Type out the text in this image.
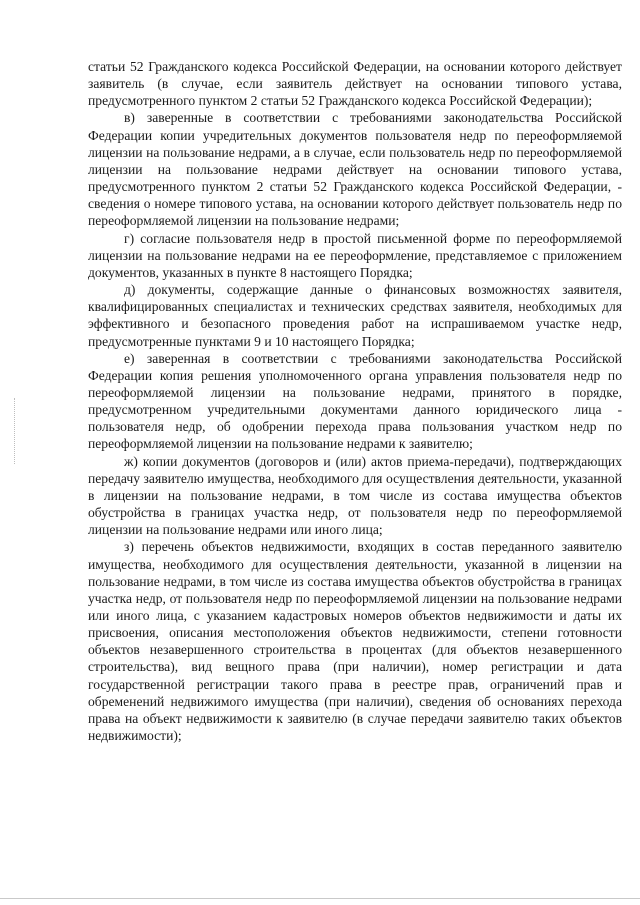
статьи 52 Гражданского кодекса Российской Федерации, на основании которого действует заявитель (в случае, если заявитель действует на основании типового устава, предусмотренного пунктом 2 статьи 52 Гражданского кодекса Российской Федерации);

в) заверенные в соответствии с требованиями законодательства Российской Федерации копии учредительных документов пользователя недр по переоформляемой лицензии на пользование недрами, а в случае, если пользователь недр по переоформляемой лицензии на пользование недрами действует на основании типового устава, предусмотренного пунктом 2 статьи 52 Гражданского кодекса Российской Федерации, - сведения о номере типового устава, на основании которого действует пользователь недр по переоформляемой лицензии на пользование недрами;

г) согласие пользователя недр в простой письменной форме по переоформляемой лицензии на пользование недрами на ее переоформление, представляемое с приложением документов, указанных в пункте 8 настоящего Порядка;

д) документы, содержащие данные о финансовых возможностях заявителя, квалифицированных специалистах и технических средствах заявителя, необходимых для эффективного и безопасного проведения работ на испрашиваемом участке недр, предусмотренные пунктами 9 и 10 настоящего Порядка;

е) заверенная в соответствии с требованиями законодательства Российской Федерации копия решения уполномоченного органа управления пользователя недр по переоформляемой лицензии на пользование недрами, принятого в порядке, предусмотренном учредительными документами данного юридического лица - пользователя недр, об одобрении перехода права пользования участком недр по переоформляемой лицензии на пользование недрами к заявителю;

ж) копии документов (договоров и (или) актов приема-передачи), подтверждающих передачу заявителю имущества, необходимого для осуществления деятельности, указанной в лицензии на пользование недрами, в том числе из состава имущества объектов обустройства в границах участка недр, от пользователя недр по переоформляемой лицензии на пользование недрами или иного лица;

з) перечень объектов недвижимости, входящих в состав переданного заявителю имущества, необходимого для осуществления деятельности, указанной в лицензии на пользование недрами, в том числе из состава имущества объектов обустройства в границах участка недр, от пользователя недр по переоформляемой лицензии на пользование недрами или иного лица, с указанием кадастровых номеров объектов недвижимости и даты их присвоения, описания местоположения объектов недвижимости, степени готовности объектов незавершенного строительства в процентах (для объектов незавершенного строительства), вид вещного права (при наличии), номер регистрации и дата государственной регистрации такого права в реестре прав, ограничений прав и обременений недвижимого имущества (при наличии), сведения об основаниях перехода права на объект недвижимости к заявителю (в случае передачи заявителю таких объектов недвижимости);
